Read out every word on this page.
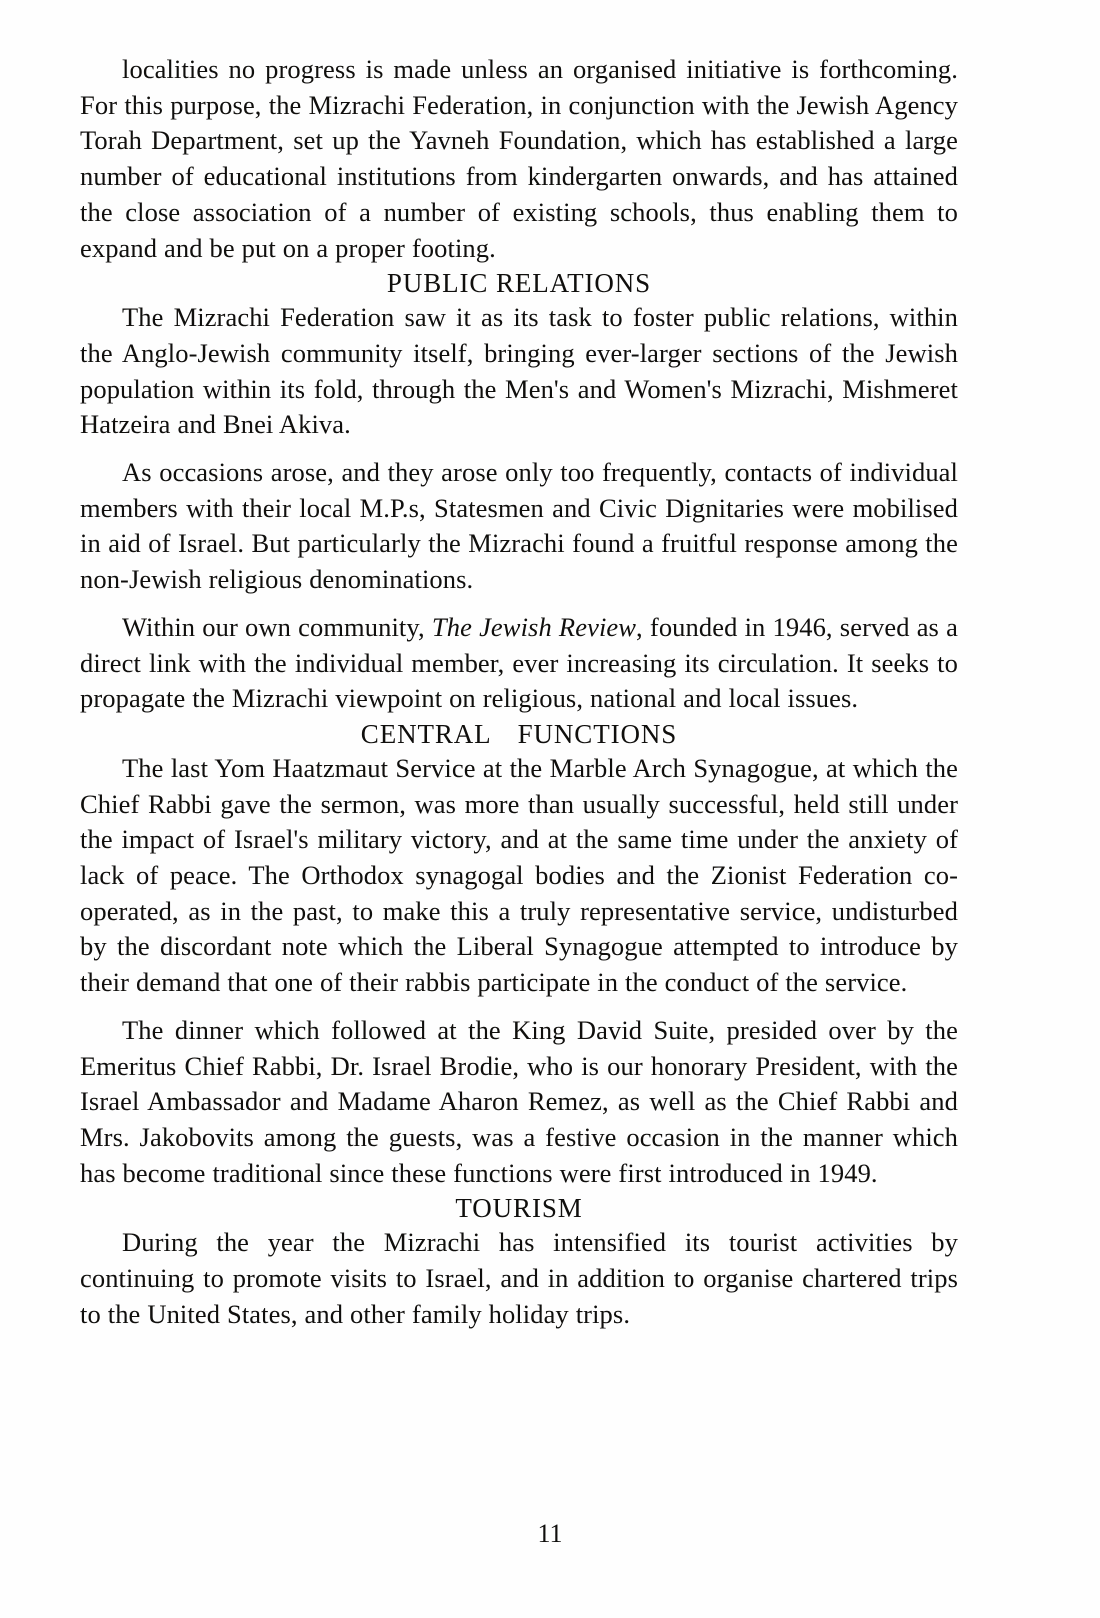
localities no progress is made unless an organised initiative is forthcoming. For this purpose, the Mizrachi Federation, in conjunction with the Jewish Agency Torah Department, set up the Yavneh Foundation, which has established a large number of educational institutions from kindergarten onwards, and has attained the close association of a number of existing schools, thus enabling them to expand and be put on a proper footing.

PUBLIC RELATIONS

The Mizrachi Federation saw it as its task to foster public relations, within the Anglo-Jewish community itself, bringing ever-larger sections of the Jewish population within its fold, through the Men's and Women's Mizrachi, Mishmeret Hatzeira and Bnei Akiva.

As occasions arose, and they arose only too frequently, contacts of individual members with their local M.P.s, Statesmen and Civic Dignitaries were mobilised in aid of Israel. But particularly the Mizrachi found a fruitful response among the non-Jewish religious denominations.

Within our own community, The Jewish Review, founded in 1946, served as a direct link with the individual member, ever increasing its circulation. It seeks to propagate the Mizrachi viewpoint on religious, national and local issues.

CENTRAL FUNCTIONS

The last Yom Haatzmaut Service at the Marble Arch Synagogue, at which the Chief Rabbi gave the sermon, was more than usually successful, held still under the impact of Israel's military victory, and at the same time under the anxiety of lack of peace. The Orthodox synagogal bodies and the Zionist Federation co-operated, as in the past, to make this a truly representative service, undisturbed by the discordant note which the Liberal Synagogue attempted to introduce by their demand that one of their rabbis participate in the conduct of the service.

The dinner which followed at the King David Suite, presided over by the Emeritus Chief Rabbi, Dr. Israel Brodie, who is our honorary President, with the Israel Ambassador and Madame Aharon Remez, as well as the Chief Rabbi and Mrs. Jakobovits among the guests, was a festive occasion in the manner which has become traditional since these functions were first introduced in 1949.

TOURISM

During the year the Mizrachi has intensified its tourist activities by continuing to promote visits to Israel, and in addition to organise chartered trips to the United States, and other family holiday trips.

11
